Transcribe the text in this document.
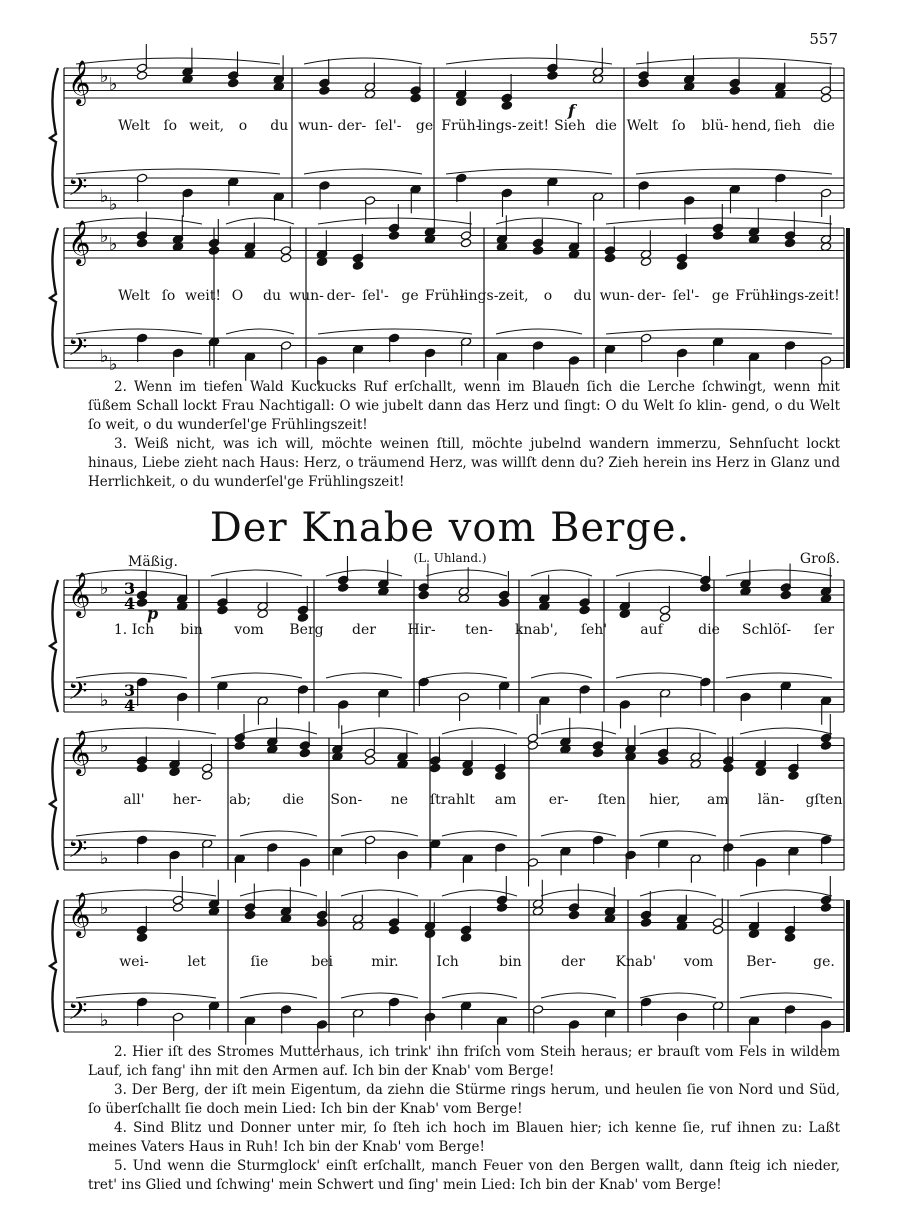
557
𝄞 ♭ ♭
𝄢 ♭ ♭
Welt ſo weit, o du wun- der- ſel'- ge Früh-
lings- zeit! Sieh die Welt ſo blü- hend, ſieh die
f
𝄞 ♭ ♭
𝄢 ♭ ♭
Welt ſo weit! O du wun- der- ſel'- ge Früh-
lings- zeit, o du wun- der- ſel'- ge Früh-
lings- zeit!

2. Wenn im tiefen Wald Kuckucks Ruf erſchallt, wenn im Blauen ſich die Lerche ſchwingt, wenn mit ſüßem Schall lockt Frau Nachtigall: O wie jubelt dann das Herz und ſingt: O du Welt ſo klin- gend, o du Welt ſo weit, o du wunderſel'ge Frühlingszeit!

3. Weiß nicht, was ich will, möchte weinen ſtill, möchte jubelnd wandern immerzu, Sehnſucht lockt hinaus, Liebe zieht nach Haus: Herz, o träumend Herz, was willſt denn du? Zieh herein ins Herz in Glanz und Herrlichkeit, o du wunderſel'ge Frühlingszeit!

Der Knabe vom Berge.
(L. Uhland.)
Mäßig.	Groß.
𝄞 ♭ 3
4
𝄢 ♭ 3
4
1. Ich bin vom Berg der Hir- ten- knab', ſeh' auf	die Schlöſ- ſer
p
𝄞 ♭
𝄢 ♭
all' her- ab; die Son- ne ſtrahlt am er- ſten hier, am län- gſten
𝄞 ♭
𝄢 ♭
wei-	let	ſie	bei	mir.	Ich	bin	der Knab' vom Ber-	ge.

2. Hier iſt des Stromes Mutterhaus, ich trink' ihn friſch vom Stein heraus; er brauſt vom Fels in wildem Lauf, ich fang' ihn mit den Armen auf. Ich bin der Knab' vom Berge!

3. Der Berg, der iſt mein Eigentum, da ziehn die Stürme rings herum, und heulen ſie von Nord und Süd, ſo überſchallt ſie doch mein Lied: Ich bin der Knab' vom Berge!

4. Sind Blitz und Donner unter mir, ſo ſteh ich hoch im Blauen hier; ich kenne ſie, ruf ihnen zu: Laßt meines Vaters Haus in Ruh! Ich bin der Knab' vom Berge!

5. Und wenn die Sturmglock' einſt erſchallt, manch Feuer von den Bergen wallt, dann ſteig ich nieder, tret' ins Glied und ſchwing' mein Schwert und ſing' mein Lied: Ich bin der Knab' vom Berge!
